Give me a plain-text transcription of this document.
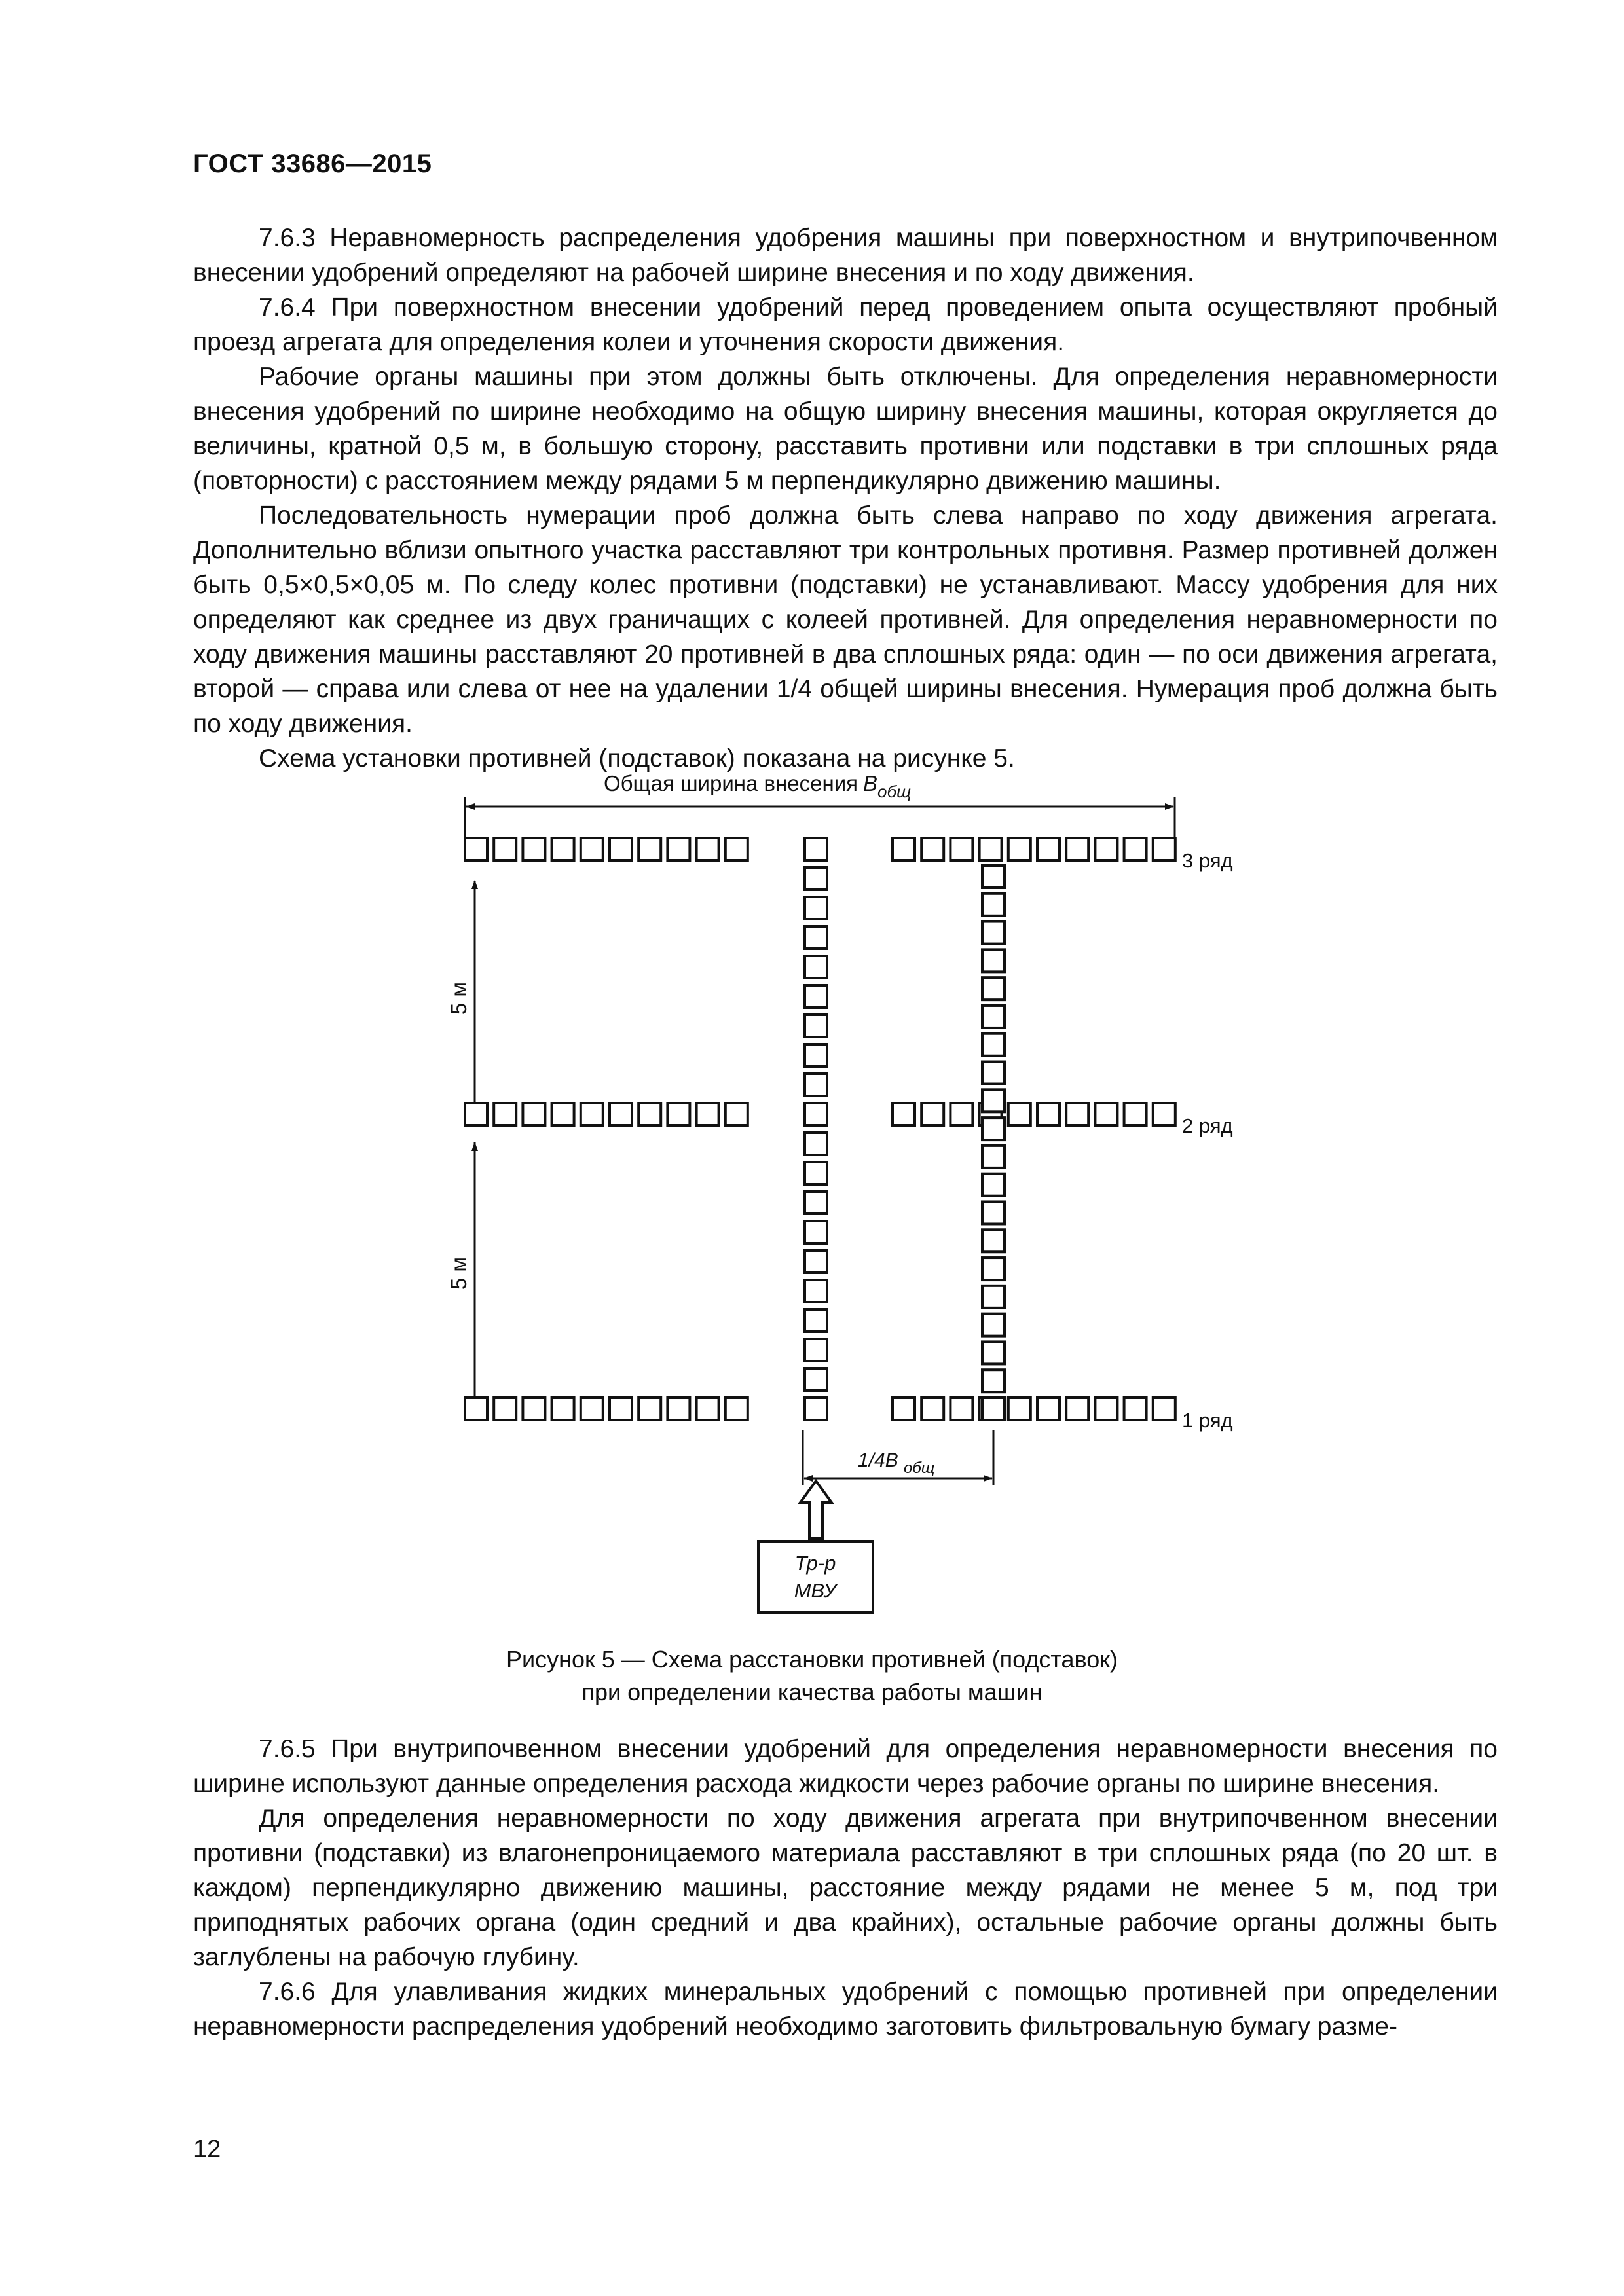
ГОСТ 33686—2015

7.6.3 Неравномерность распределения удобрения машины при поверхностном и внутрипочвенном внесении удобрений определяют на рабочей ширине внесения и по ходу движения.

7.6.4 При поверхностном внесении удобрений перед проведением опыта осуществляют пробный проезд агрегата для определения колеи и уточнения скорости движения.

Рабочие органы машины при этом должны быть отключены. Для определения неравномерности внесения удобрений по ширине необходимо на общую ширину внесения машины, которая округляется до величины, кратной 0,5 м, в большую сторону, расставить противни или подставки в три сплошных ряда (повторности) с расстоянием между рядами 5 м перпендикулярно движению машины.

Последовательность нумерации проб должна быть слева направо по ходу движения агрегата. Дополнительно вблизи опытного участка расставляют три контрольных противня. Размер противней должен быть 0,5×0,5×0,05 м. По следу колес противни (подставки) не устанавливают. Массу удобрения для них определяют как среднее из двух граничащих с колеей противней. Для определения неравномерности по ходу движения машины расставляют 20 противней в два сплошных ряда: один — по оси движения агрегата, второй — справа или слева от нее на удалении 1/4 общей ширины внесения. Нумерация проб должна быть по ходу движения.

Схема установки противней (подставок) показана на рисунке 5.

Общая ширина внесения B общ
5 м
5 м
3 ряд
2 ряд
1 ряд
1/4B общ
Тр-р
МВУ
Рисунок 5 — Схема расстановки противней (подставок)
при определении качества работы машин

7.6.5 При внутрипочвенном внесении удобрений для определения неравномерности внесения по ширине используют данные определения расхода жидкости через рабочие органы по ширине внесения.

Для определения неравномерности по ходу движения агрегата при внутрипочвенном внесении противни (подставки) из влагонепроницаемого материала расставляют в три сплошных ряда (по 20 шт. в каждом) перпендикулярно движению машины, расстояние между рядами не менее 5 м, под три приподнятых рабочих органа (один средний и два крайних), остальные рабочие органы должны быть заглублены на рабочую глубину.

7.6.6 Для улавливания жидких минеральных удобрений с помощью противней при определении неравномерности распределения удобрений необходимо заготовить фильтровальную бумагу разме-

12
